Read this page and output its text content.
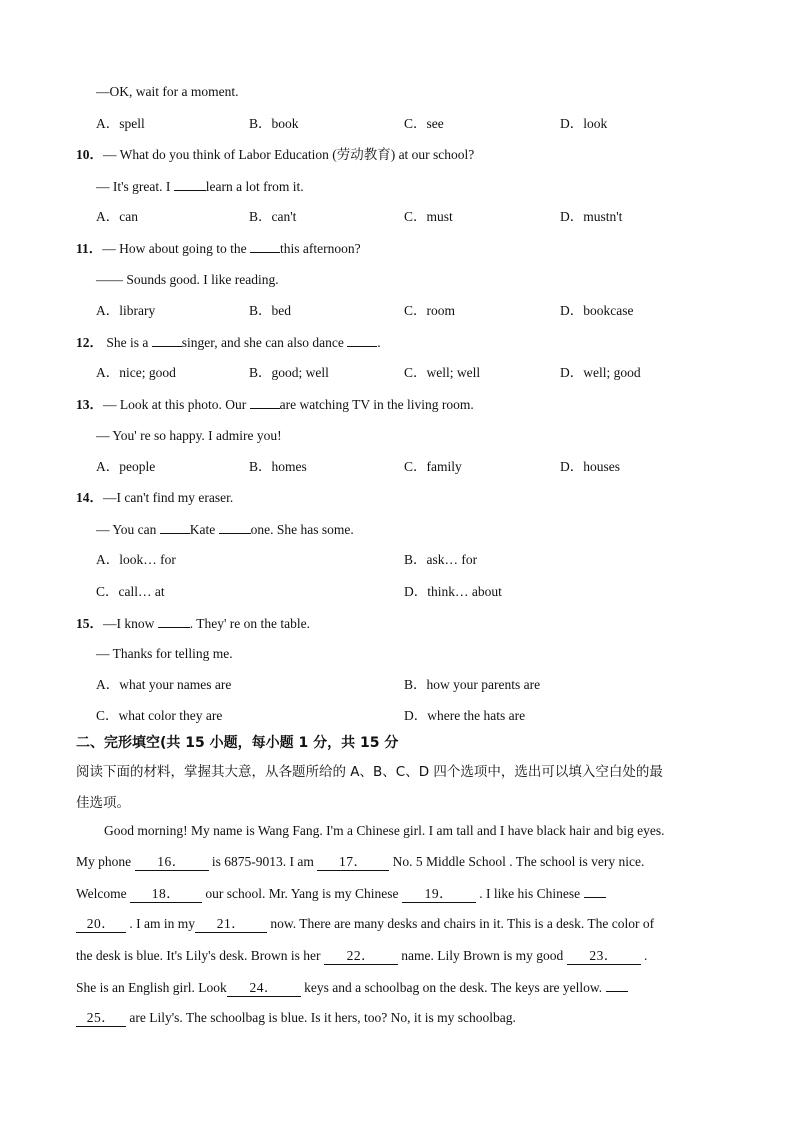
—OK, wait for a moment.
A．spell	B．book	C．see	D．look
10．— What do you think of Labor Education (劳动教育) at our school?
— It's great. I learn a lot from it.
A．can	B．can't	C．must	D．mustn't
11．— How about going to the this afternoon?
—— Sounds good. I like reading.
A．library	B．bed	C．room	D．bookcase
12． She is a singer, and she can also dance .
A．nice; good	B．good; well	C．well; well	D．well; good
13．— Look at this photo. Our are watching TV in the living room.
— You' re so happy. I admire you!
A．people	B．homes	C．family	D．houses
14．—I can't find my eraser.
— You can Kate one. She has some.
A．look… for	B．ask… for
C．call… at	D．think… about
15．—I know . They' re on the table.
— Thanks for telling me.
A．what your names are	B．how your parents are
C．what color they are	D．where the hats are
二、完形填空(共 15 小题，每小题 1 分，共 15 分
阅读下面的材料，掌握其大意，从各题所给的 A、B、C、D 四个选项中，选出可以填入空白处的最
佳选项。
Good morning! My name is Wang Fang. I'm a Chinese girl. I am tall and I have black hair and big eyes.
My phone 16． is 6875-9013. I am 17． No. 5 Middle School . The school is very nice.
Welcome 18． our school. Mr. Yang is my Chinese 19． . I like his Chinese
20． . I am in my 21． now. There are many desks and chairs in it. This is a desk. The color of
the desk is blue. It's Lily's desk. Brown is her 22． name. Lily Brown is my good 23． .
She is an English girl. Look 24． keys and a schoolbag on the desk. The keys are yellow.
25． are Lily's. The schoolbag is blue. Is it hers, too? No, it is my schoolbag.
